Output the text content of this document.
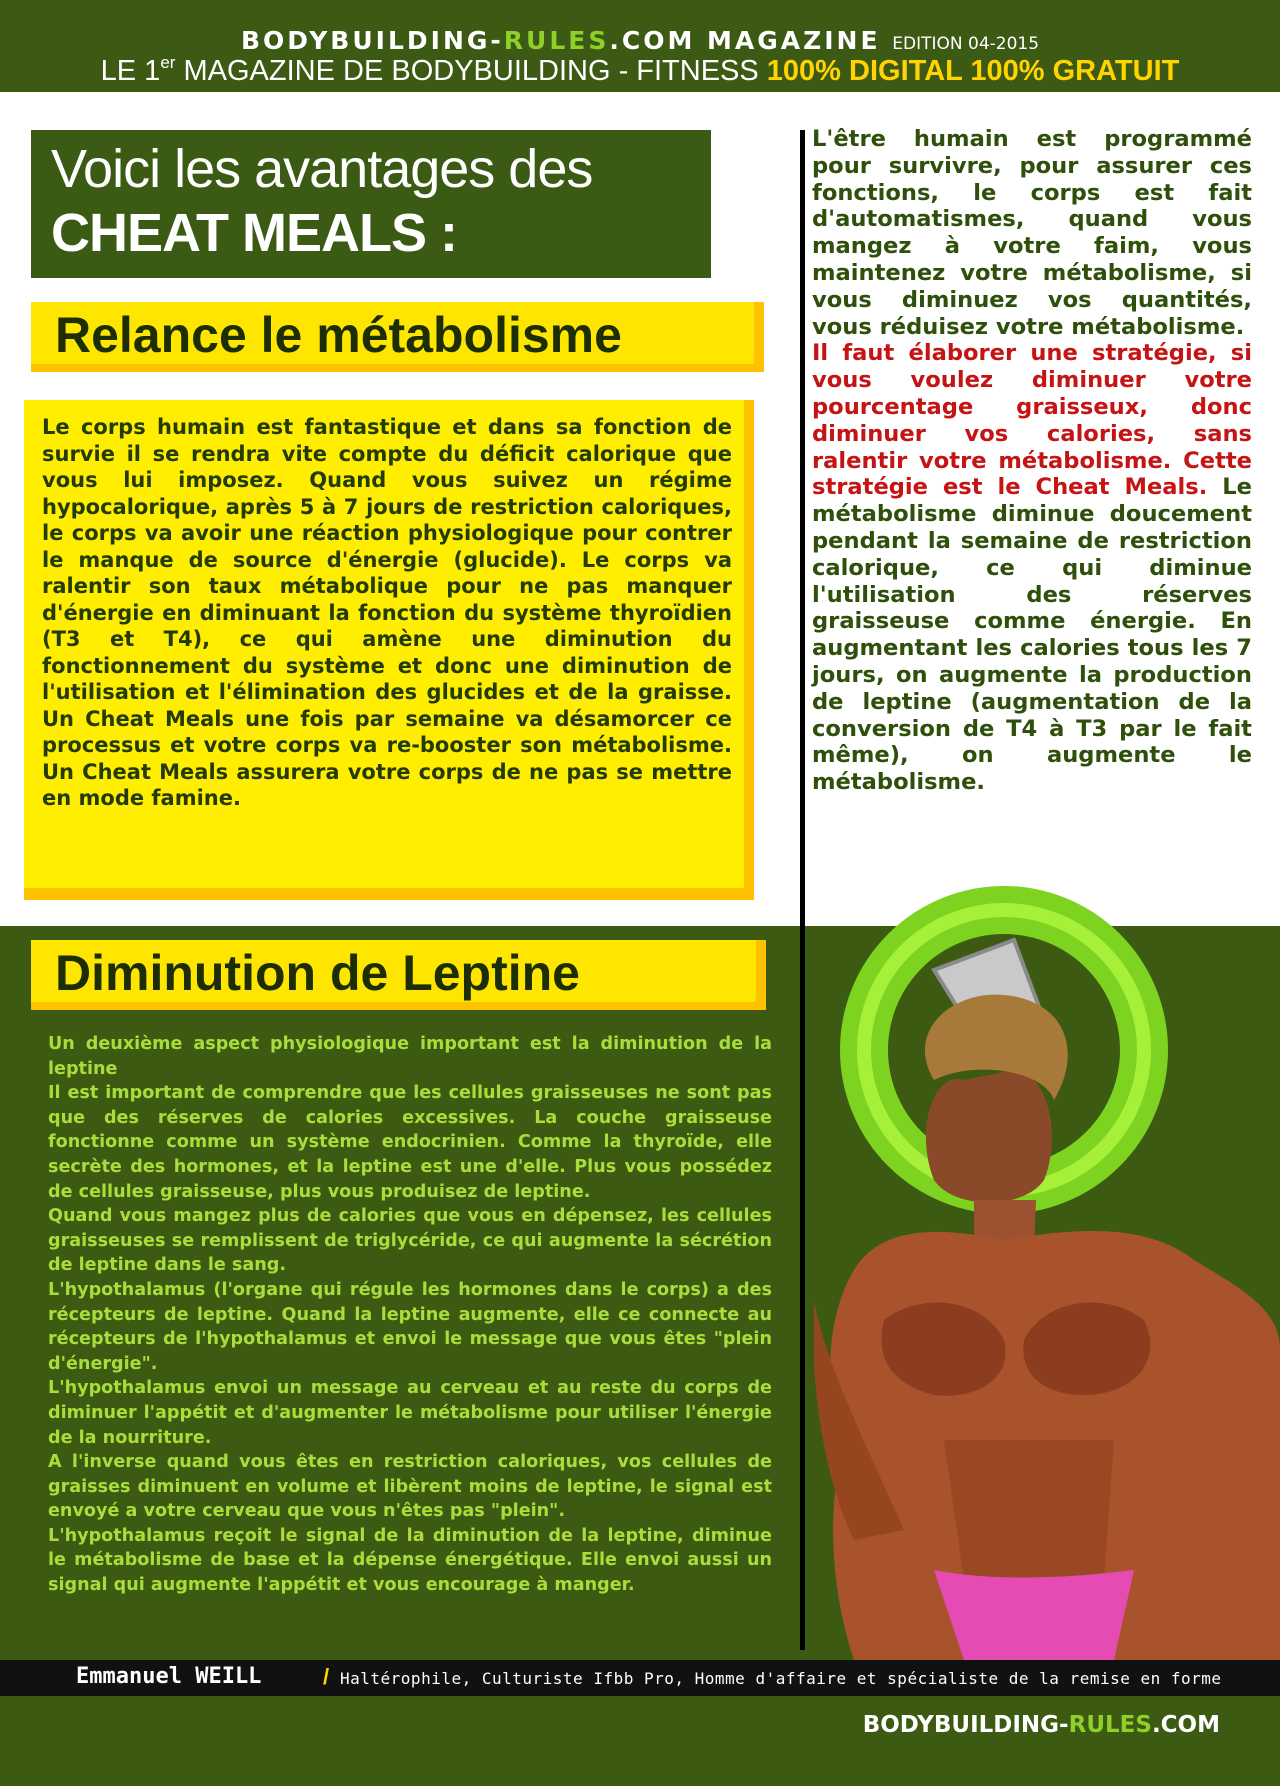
BODYBUILDING-RULES.COM MAGAZINE EDITION 04-2015
LE 1er MAGAZINE DE BODYBUILDING - FITNESS 100% DIGITAL 100% GRATUIT
Voici les avantages des
CHEAT MEALS :
Relance le métabolisme
Le corps humain est fantastique et dans sa fonction de survie il se rendra vite compte du déficit calorique que vous lui imposez. Quand vous suivez un régime hypocalorique, après 5 à 7 jours de restriction caloriques, le corps va avoir une réaction physiologique pour contrer le manque de source d'énergie (glucide). Le corps va ralentir son taux métabolique pour ne pas manquer d'énergie en diminuant la fonction du système thyroïdien (T3 et T4), ce qui amène une diminution du fonctionnement du système et donc une diminution de l'utilisation et l'élimination des glucides et de la graisse. Un Cheat Meals une fois par semaine va désamorcer ce processus et votre corps va re-booster son métabolisme. Un Cheat Meals assurera votre corps de ne pas se mettre en mode famine.
L'être humain est programmé pour survivre, pour assurer ces fonctions, le corps est fait d'automatismes, quand vous mangez à votre faim, vous maintenez votre métabolisme, si vous diminuez vos quantités, vous réduisez votre métabolisme.
Il faut élaborer une stratégie, si vous voulez diminuer votre pourcentage graisseux, donc diminuer vos calories, sans ralentir votre métabolisme. Cette stratégie est le Cheat Meals. Le métabolisme diminue doucement pendant la semaine de restriction calorique, ce qui diminue l'utilisation des réserves graisseuse comme énergie. En augmentant les calories tous les 7 jours, on augmente la production de leptine (augmentation de la conversion de T4 à T3 par le fait même), on augmente le métabolisme.
Diminution de Leptine
Un deuxième aspect physiologique important est la diminution de la leptine
Il est important de comprendre que les cellules graisseuses ne sont pas que des réserves de calories excessives. La couche graisseuse fonctionne comme un système endocrinien. Comme la thyroïde, elle secrète des hormones, et la leptine est une d'elle. Plus vous possédez de cellules graisseuse, plus vous produisez de leptine.
Quand vous mangez plus de calories que vous en dépensez, les cellules graisseuses se remplissent de triglycéride, ce qui augmente la sécrétion de leptine dans le sang.
L'hypothalamus (l'organe qui régule les hormones dans le corps) a des récepteurs de leptine. Quand la leptine augmente, elle ce connecte au récepteurs de l'hypothalamus et envoi le message que vous êtes "plein d'énergie".
L'hypothalamus envoi un message au cerveau et au reste du corps de diminuer l'appétit et d'augmenter le métabolisme pour utiliser l'énergie de la nourriture.
A l'inverse quand vous êtes en restriction caloriques, vos cellules de graisses diminuent en volume et libèrent moins de leptine, le signal est envoyé a votre cerveau que vous n'êtes pas "plein".
L'hypothalamus reçoit le signal de la diminution de la leptine, diminue le métabolisme de base et la dépense énergétique. Elle envoi aussi un signal qui augmente l'appétit et vous encourage à manger.
Emmanuel WEILL	/ Haltérophile, Culturiste Ifbb Pro, Homme d'affaire et spécialiste de la remise en forme
BODYBUILDING-RULES.COM
